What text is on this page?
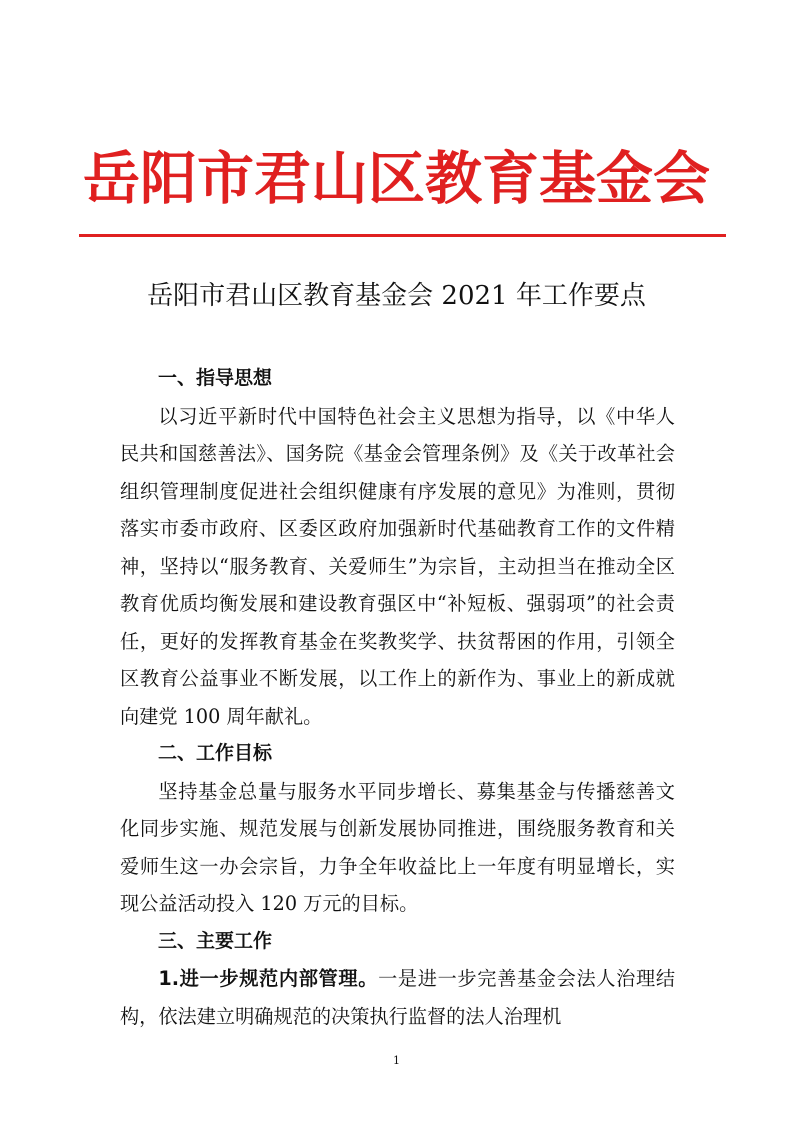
岳阳市君山区教育基金会
岳阳市君山区教育基金会 2021 年工作要点
一、指导思想

以习近平新时代中国特色社会主义思想为指导，以《中华人民共和国慈善法》、国务院《基金会管理条例》及《关于改革社会组织管理制度促进社会组织健康有序发展的意见》为准则，贯彻落实市委市政府、区委区政府加强新时代基础教育工作的文件精神，坚持以“服务教育、关爱师生”为宗旨，主动担当在推动全区教育优质均衡发展和建设教育强区中“补短板、强弱项”的社会责任，更好的发挥教育基金在奖教奖学、扶贫帮困的作用，引领全区教育公益事业不断发展，以工作上的新作为、事业上的新成就向建党 100 周年献礼。

二、工作目标

坚持基金总量与服务水平同步增长、募集基金与传播慈善文化同步实施、规范发展与创新发展协同推进，围绕服务教育和关爱师生这一办会宗旨，力争全年收益比上一年度有明显增长，实现公益活动投入 120 万元的目标。

三、主要工作

1.进一步规范内部管理。一是进一步完善基金会法人治理结构，依法建立明确规范的决策执行监督的法人治理机

1
